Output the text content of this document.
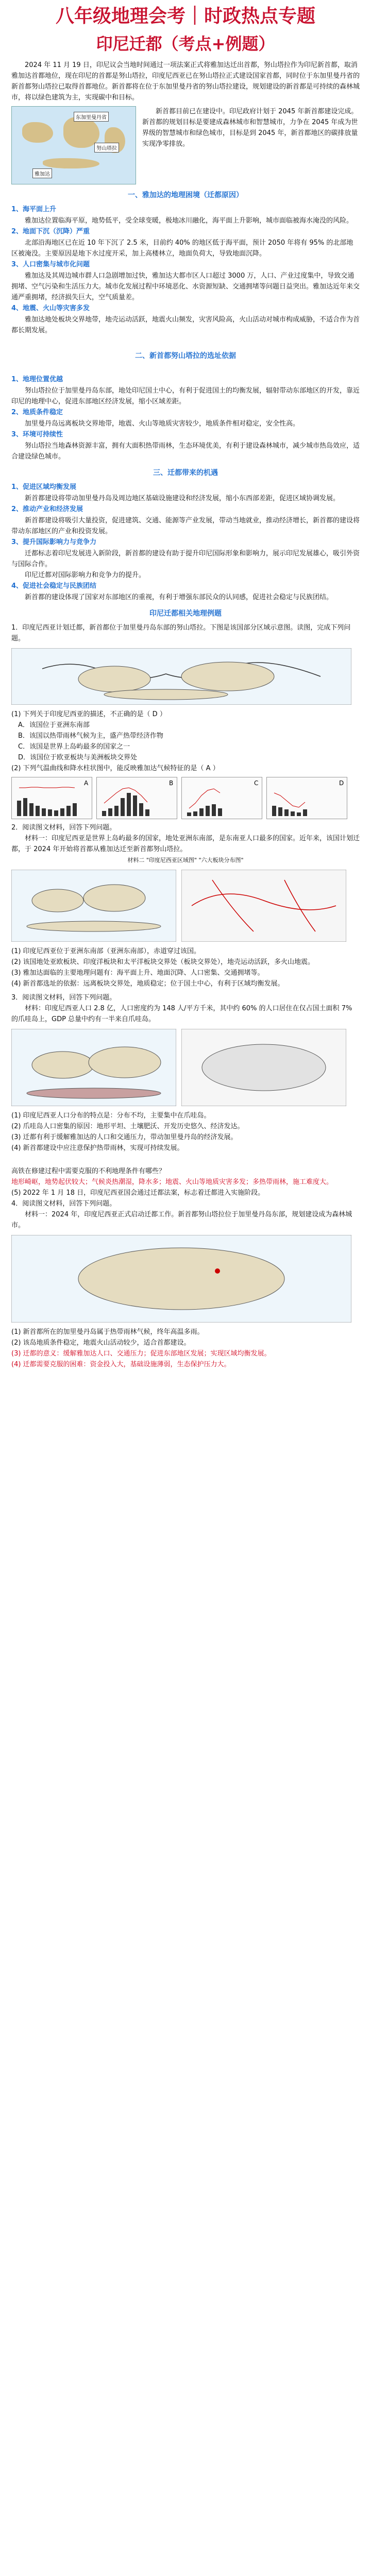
八年级地理会考｜时政热点专题
印尼迁都（考点+例题）

2024 年 11 月 19 日，印尼议会当地时间通过一项法案正式将雅加达迁出首都，努山塔拉作为印尼新首都，取消雅加达首都地位，现在印尼的首都是努山塔拉，印度尼西亚已在努山塔拉正式建设国家首都，同时位于东加里曼丹省的新首都努山塔拉已取得首都地位。新首都将在位于东加里曼丹省的努山塔拉建设，规划建设的新首都是可持续的森林城市，将以绿色建筑为主，实现碳中和目标。

东加里曼丹省
努山塔拉
雅加达

新首都目前已在建设中。印尼政府计划于 2045 年新首都建设完成。新首都的规划目标是要建成森林城市和智慧城市，力争在 2045 年成为世界级的智慧城市和绿色城市，目标是到 2045 年，新首都地区的碳排放量实现净零排放。

一、雅加达的地理困境（迁都原因）
1、海平面上升

雅加达位置临海平原，地势低平，受全球变暖，极地冰川融化，海平面上升影响，城市面临被海水淹没的风险。

2、地面下沉（沉降）严重

北部沿海地区已在近 10 年下沉了 2.5 米，目前约 40% 的地区低于海平面，预计 2050 年将有 95% 的北部地区被淹没。主要原因是地下水过度开采，加上高楼林立，地面负荷大，导致地面沉降。

3、人口密集与城市化问题

雅加达及其周边城市群人口急剧增加过快，雅加达大都市区人口超过 3000 万，人口、产业过度集中，导致交通拥堵、空气污染和生活压力大。城市化发展过程中环境恶化、水资源短缺、交通拥堵等问题日益突出。雅加达近年来交通严重拥堵，经济损失巨大，空气质量差。

4、地震、火山等灾害多发

雅加达地处板块交界地带，地壳运动活跃，地震火山频发，灾害风险高，火山活动对城市构成威胁，不适合作为首都长期发展。

二、新首都努山塔拉的选址依据
1、地理位置优越

努山塔拉位于加里曼丹岛东部，地处印尼国土中心，有利于促进国土的均衡发展，辐射带动东部地区的开发，靠近印尼的地理中心，促进东部地区经济发展，缩小区域差距。

2、地质条件稳定

加里曼丹岛远离板块交界地带，地震、火山等地质灾害较少，地质条件相对稳定，安全性高。

3、环境可持续性

努山塔拉当地森林资源丰富，拥有大面积热带雨林，生态环境优美，有利于建设森林城市，减少城市热岛效应，适合建设绿色城市。

三、迁都带来的机遇
1、促进区域均衡发展

新首都建设将带动加里曼丹岛及周边地区基础设施建设和经济发展，缩小东西部差距，促进区域协调发展。

2、推动产业和经济发展

新首都建设将吸引大量投资，促进建筑、交通、能源等产业发展，带动当地就业，推动经济增长，新首都的建设将带动东部地区的产业和投资发展。

3、提升国际影响力与竞争力

迁都标志着印尼发展进入新阶段，新首都的建设有助于提升印尼国际形象和影响力，展示印尼发展雄心，吸引外资与国际合作。

印尼迁都对国际影响力和竞争力的提升。

4、促进社会稳定与民族团结

新首都的建设体现了国家对东部地区的重视，有利于增强东部民众的认同感，促进社会稳定与民族团结。

印尼迁都相关地理例题

1．印度尼西亚计划迁都，新首都位于加里曼丹岛东部的努山塔拉。下图是该国部分区域示意图。读图，完成下列问题。

(1) 下列关于印度尼西亚的描述，不正确的是（ D ）

A．该国位于亚洲东南部

B．该国以热带雨林气候为主，盛产热带经济作物

C．该国是世界上岛屿最多的国家之一

D．该国位于欧亚板块与美洲板块交界处

(2) 下列气温曲线和降水柱状图中，能反映雅加达气候特征的是（ A ）

A	B	C	D

2．阅读图文材料，回答下列问题。

材料一：印度尼西亚是世界上岛屿最多的国家，地处亚洲东南部，是东南亚人口最多的国家。近年来，该国计划迁都，于 2024 年开始将首都从雅加达迁至新首都努山塔拉。

材料二 "印度尼西亚区域图" "六大板块分布图"

(1) 印度尼西亚位于亚洲东南部（亚洲东南部），赤道穿过该国。

(2) 该国地处亚欧板块、印度洋板块和太平洋板块交界处（板块交界处），地壳运动活跃，多火山地震。

(3) 雅加达面临的主要地理问题有：海平面上升、地面沉降、人口密集、交通拥堵等。

(4) 新首都选址的依据：远离板块交界处，地质稳定；位于国土中心，有利于区域均衡发展。

3．阅读图文材料，回答下列问题。

材料：印度尼西亚人口 2.8 亿，人口密度约为 148 人/平方千米，其中约 60% 的人口居住在仅占国土面积 7% 的爪哇岛上，GDP 总量中约有一半来自爪哇岛。

(1) 印度尼西亚人口分布的特点是：分布不均，主要集中在爪哇岛。

(2) 爪哇岛人口密集的原因：地形平坦、土壤肥沃、开发历史悠久、经济发达。

(3) 迁都有利于缓解雅加达的人口和交通压力，带动加里曼丹岛的经济发展。

(4) 新首都建设中应注意保护热带雨林，实现可持续发展。

高铁在修建过程中需要克服的不利地理条件有哪些？

地形崎岖，地势起伏较大；气候炎热潮湿，降水多；地震、火山等地质灾害多发；多热带雨林，施工难度大。

(5) 2022 年 1 月 18 日，印度尼西亚国会通过迁都法案，标志着迁都进入实施阶段。

4．阅读图文材料，回答下列问题。

材料一：2024 年，印度尼西亚正式启动迁都工作。新首都努山塔拉位于加里曼丹岛东部，规划建设成为森林城市。

(1) 新首都所在的加里曼丹岛属于热带雨林气候，终年高温多雨。

(2) 该岛地质条件稳定，地震火山活动较少，适合首都建设。

(3) 迁都的意义：缓解雅加达人口、交通压力；促进东部地区发展；实现区域均衡发展。

(4) 迁都需要克服的困难：资金投入大，基础设施薄弱，生态保护压力大。
